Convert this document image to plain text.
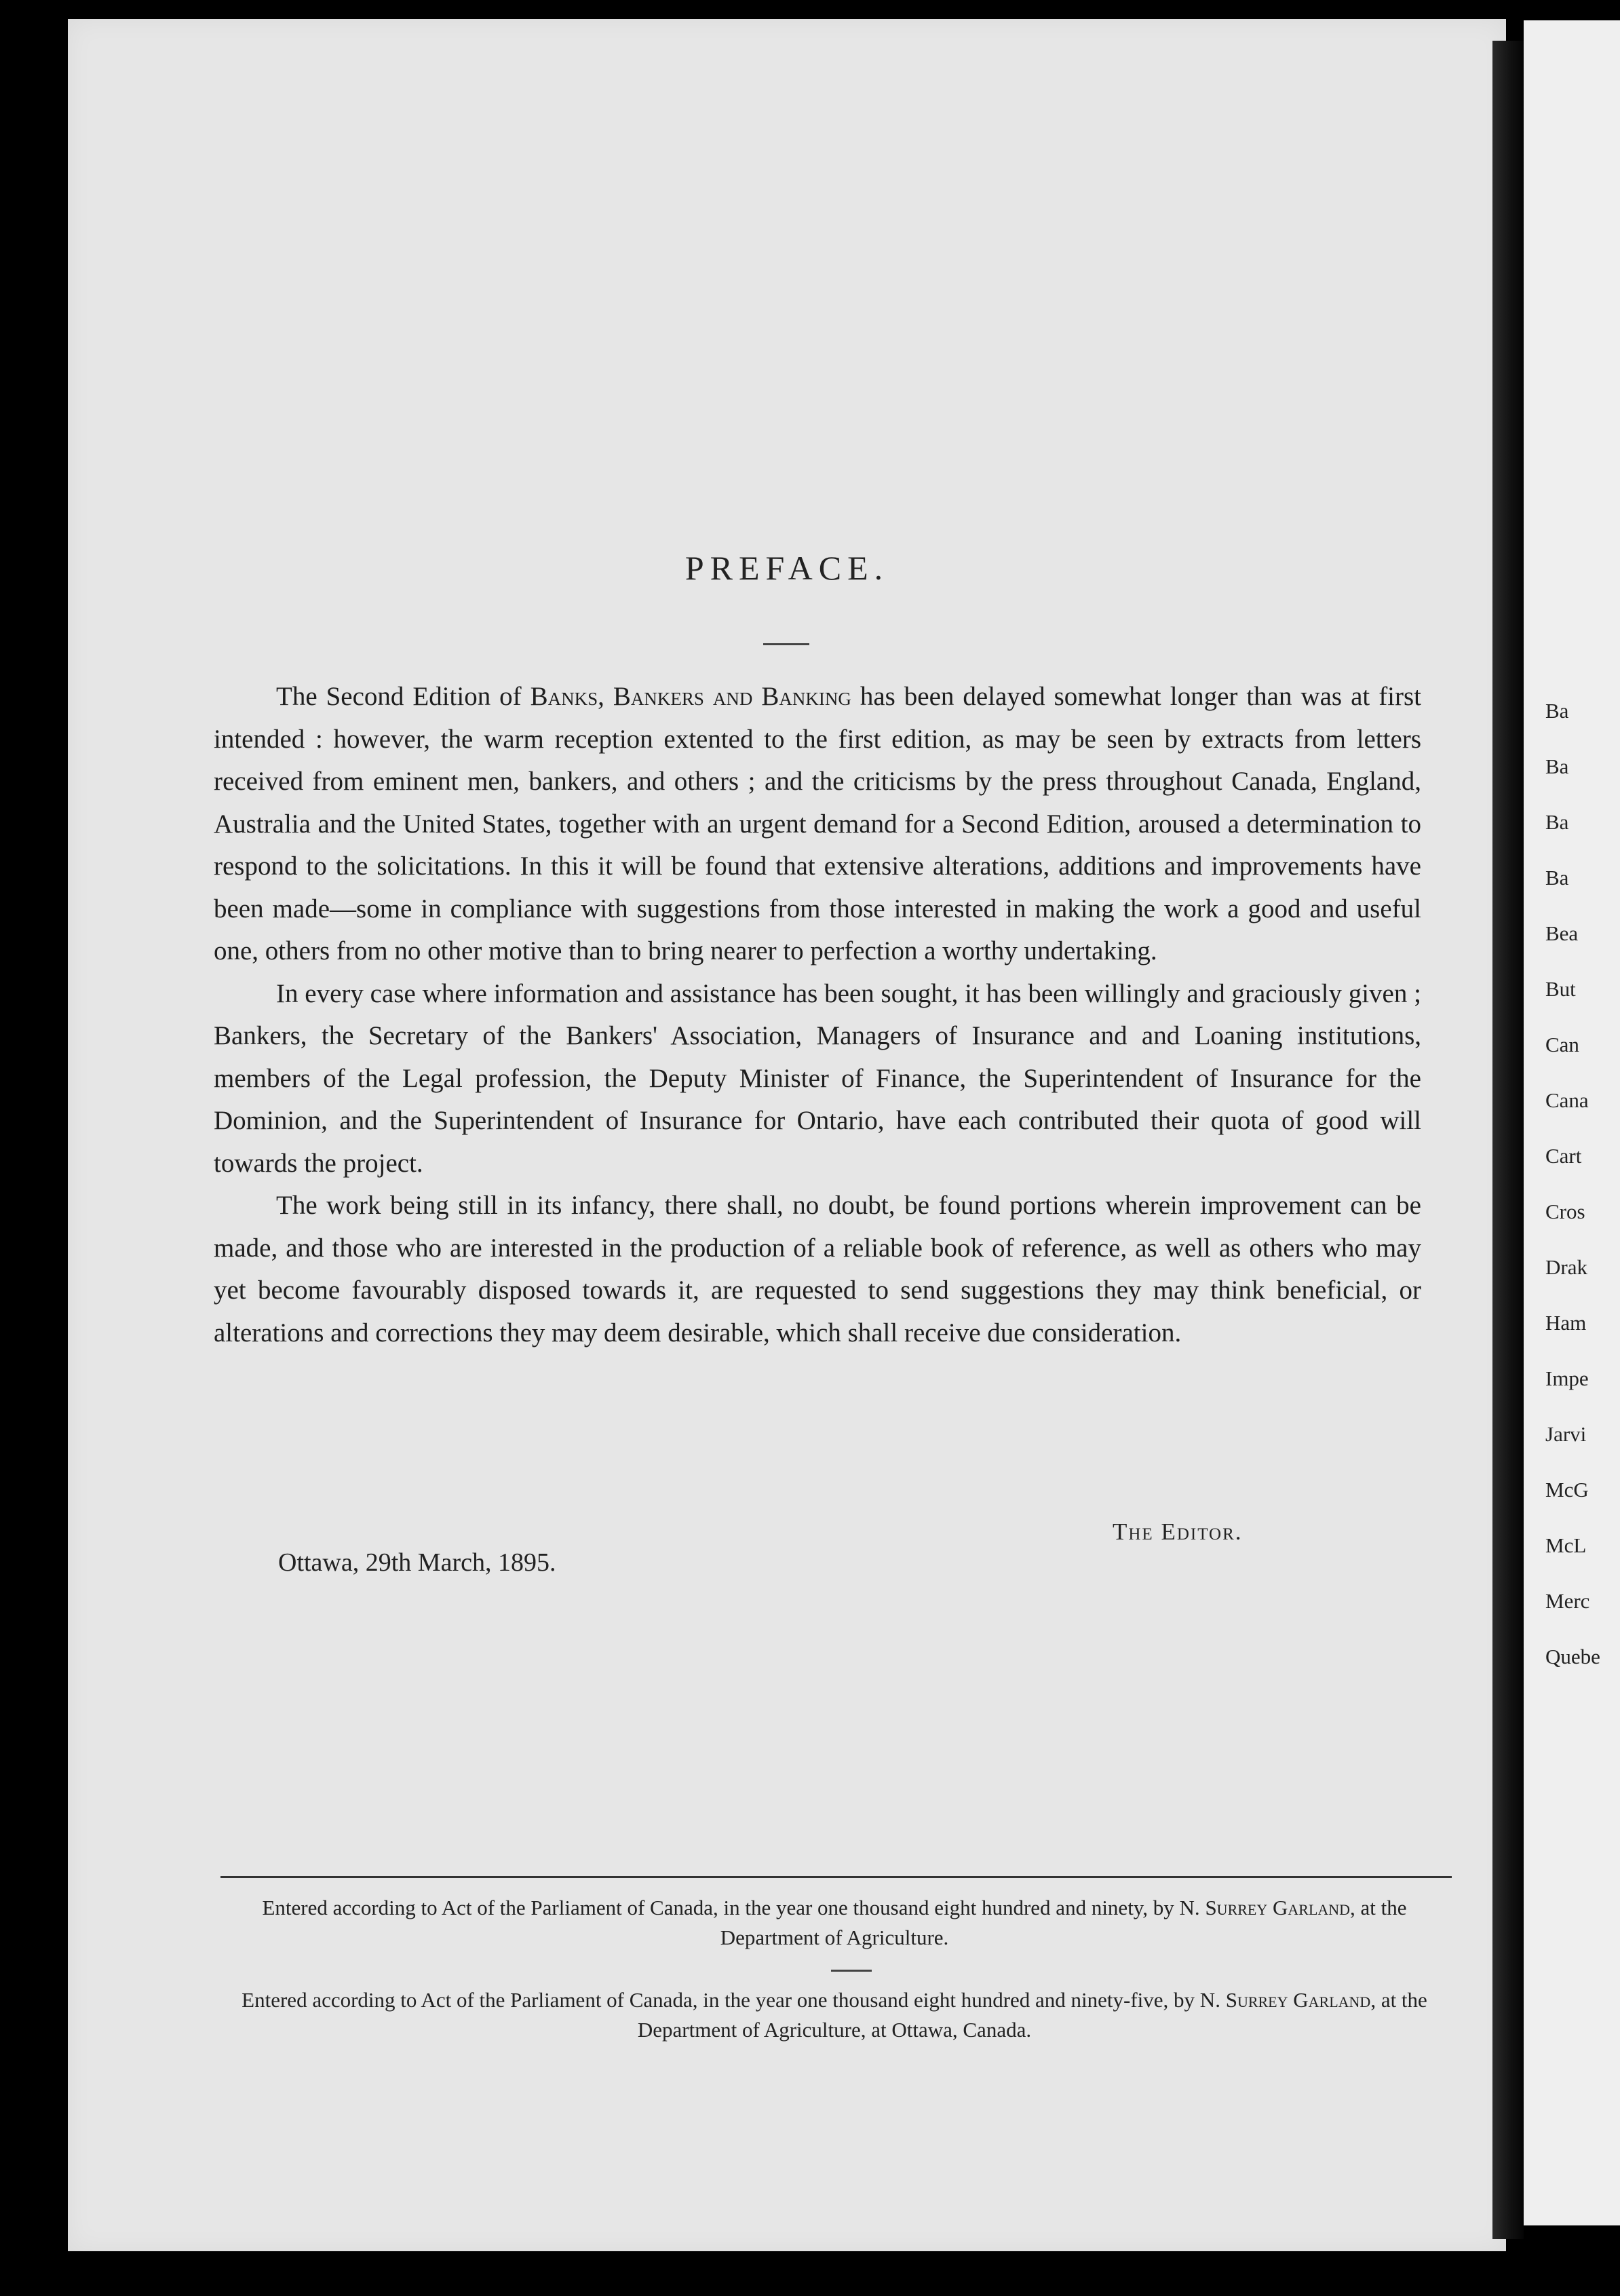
PREFACE.

The Second Edition of Banks, Bankers and Banking has been delayed somewhat longer than was at first intended : however, the warm reception extented to the first edition, as may be seen by extracts from letters received from eminent men, bankers, and others ; and the criticisms by the press throughout Canada, England, Australia and the United States, together with an urgent demand for a Second Edition, aroused a determination to respond to the solicitations. In this it will be found that extensive alterations, additions and improvements have been made—some in compliance with suggestions from those interested in making the work a good and useful one, others from no other motive than to bring nearer to perfection a worthy undertaking.

In every case where information and assistance has been sought, it has been willingly and graciously given ; Bankers, the Secretary of the Bankers' Association, Managers of Insurance and and Loaning institutions, members of the Legal profession, the Deputy Minister of Finance, the Superintendent of Insurance for the Dominion, and the Superintendent of Insurance for Ontario, have each contributed their quota of good will towards the project.

The work being still in its infancy, there shall, no doubt, be found portions wherein improvement can be made, and those who are interested in the production of a reliable book of reference, as well as others who may yet become favourably disposed towards it, are requested to send suggestions they may think beneficial, or alterations and corrections they may deem desirable, which shall receive due consideration.

The Editor.
Ottawa, 29th March, 1895.
Entered according to Act of the Parliament of Canada, in the year one thousand eight hundred and ninety, by N. Surrey Garland, at the Department of Agriculture.
Entered according to Act of the Parliament of Canada, in the year one thousand eight hundred and ninety-five, by N. Surrey Garland, at the Department of Agriculture, at Ottawa, Canada.
Ba
Ba
Ba
Ba
Bea
But
Can
Cana
Cart
Cros
Drak
Ham
Impe
Jarvi
McG
McL
Merc
Quebe
